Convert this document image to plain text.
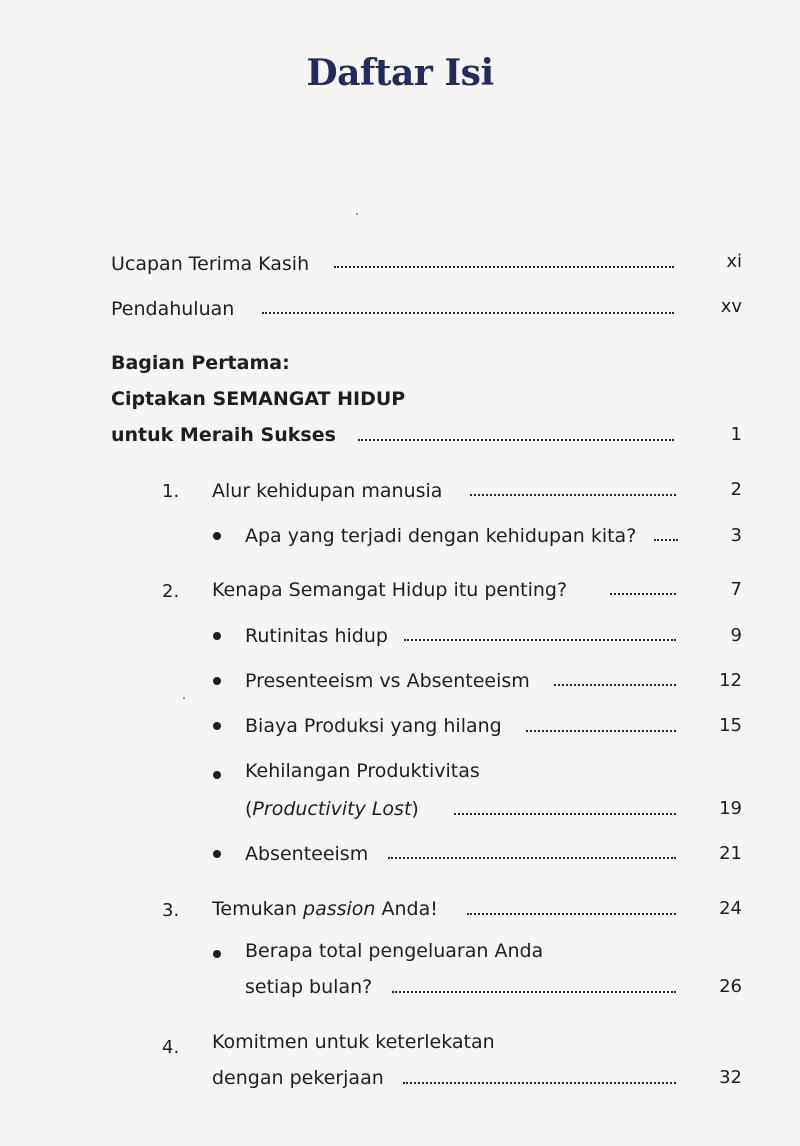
Daftar Isi
Ucapan Terima Kasih	xi
Pendahuluan	xv
Bagian Pertama:
Ciptakan SEMANGAT HIDUP
untuk Meraih Sukses	1
1. Alur kehidupan manusia	2
Apa yang terjadi dengan kehidupan kita?	3
2. Kenapa Semangat Hidup itu penting?	7
Rutinitas hidup	9
Presenteeism vs Absenteeism	12
Biaya Produksi yang hilang	15
Kehilangan Produktivitas
(Productivity Lost)	19
Absenteeism	21
3. Temukan passion Anda!	24
Berapa total pengeluaran Anda
setiap bulan?	26
4. Komitmen untuk keterlekatan
dengan pekerjaan	32
